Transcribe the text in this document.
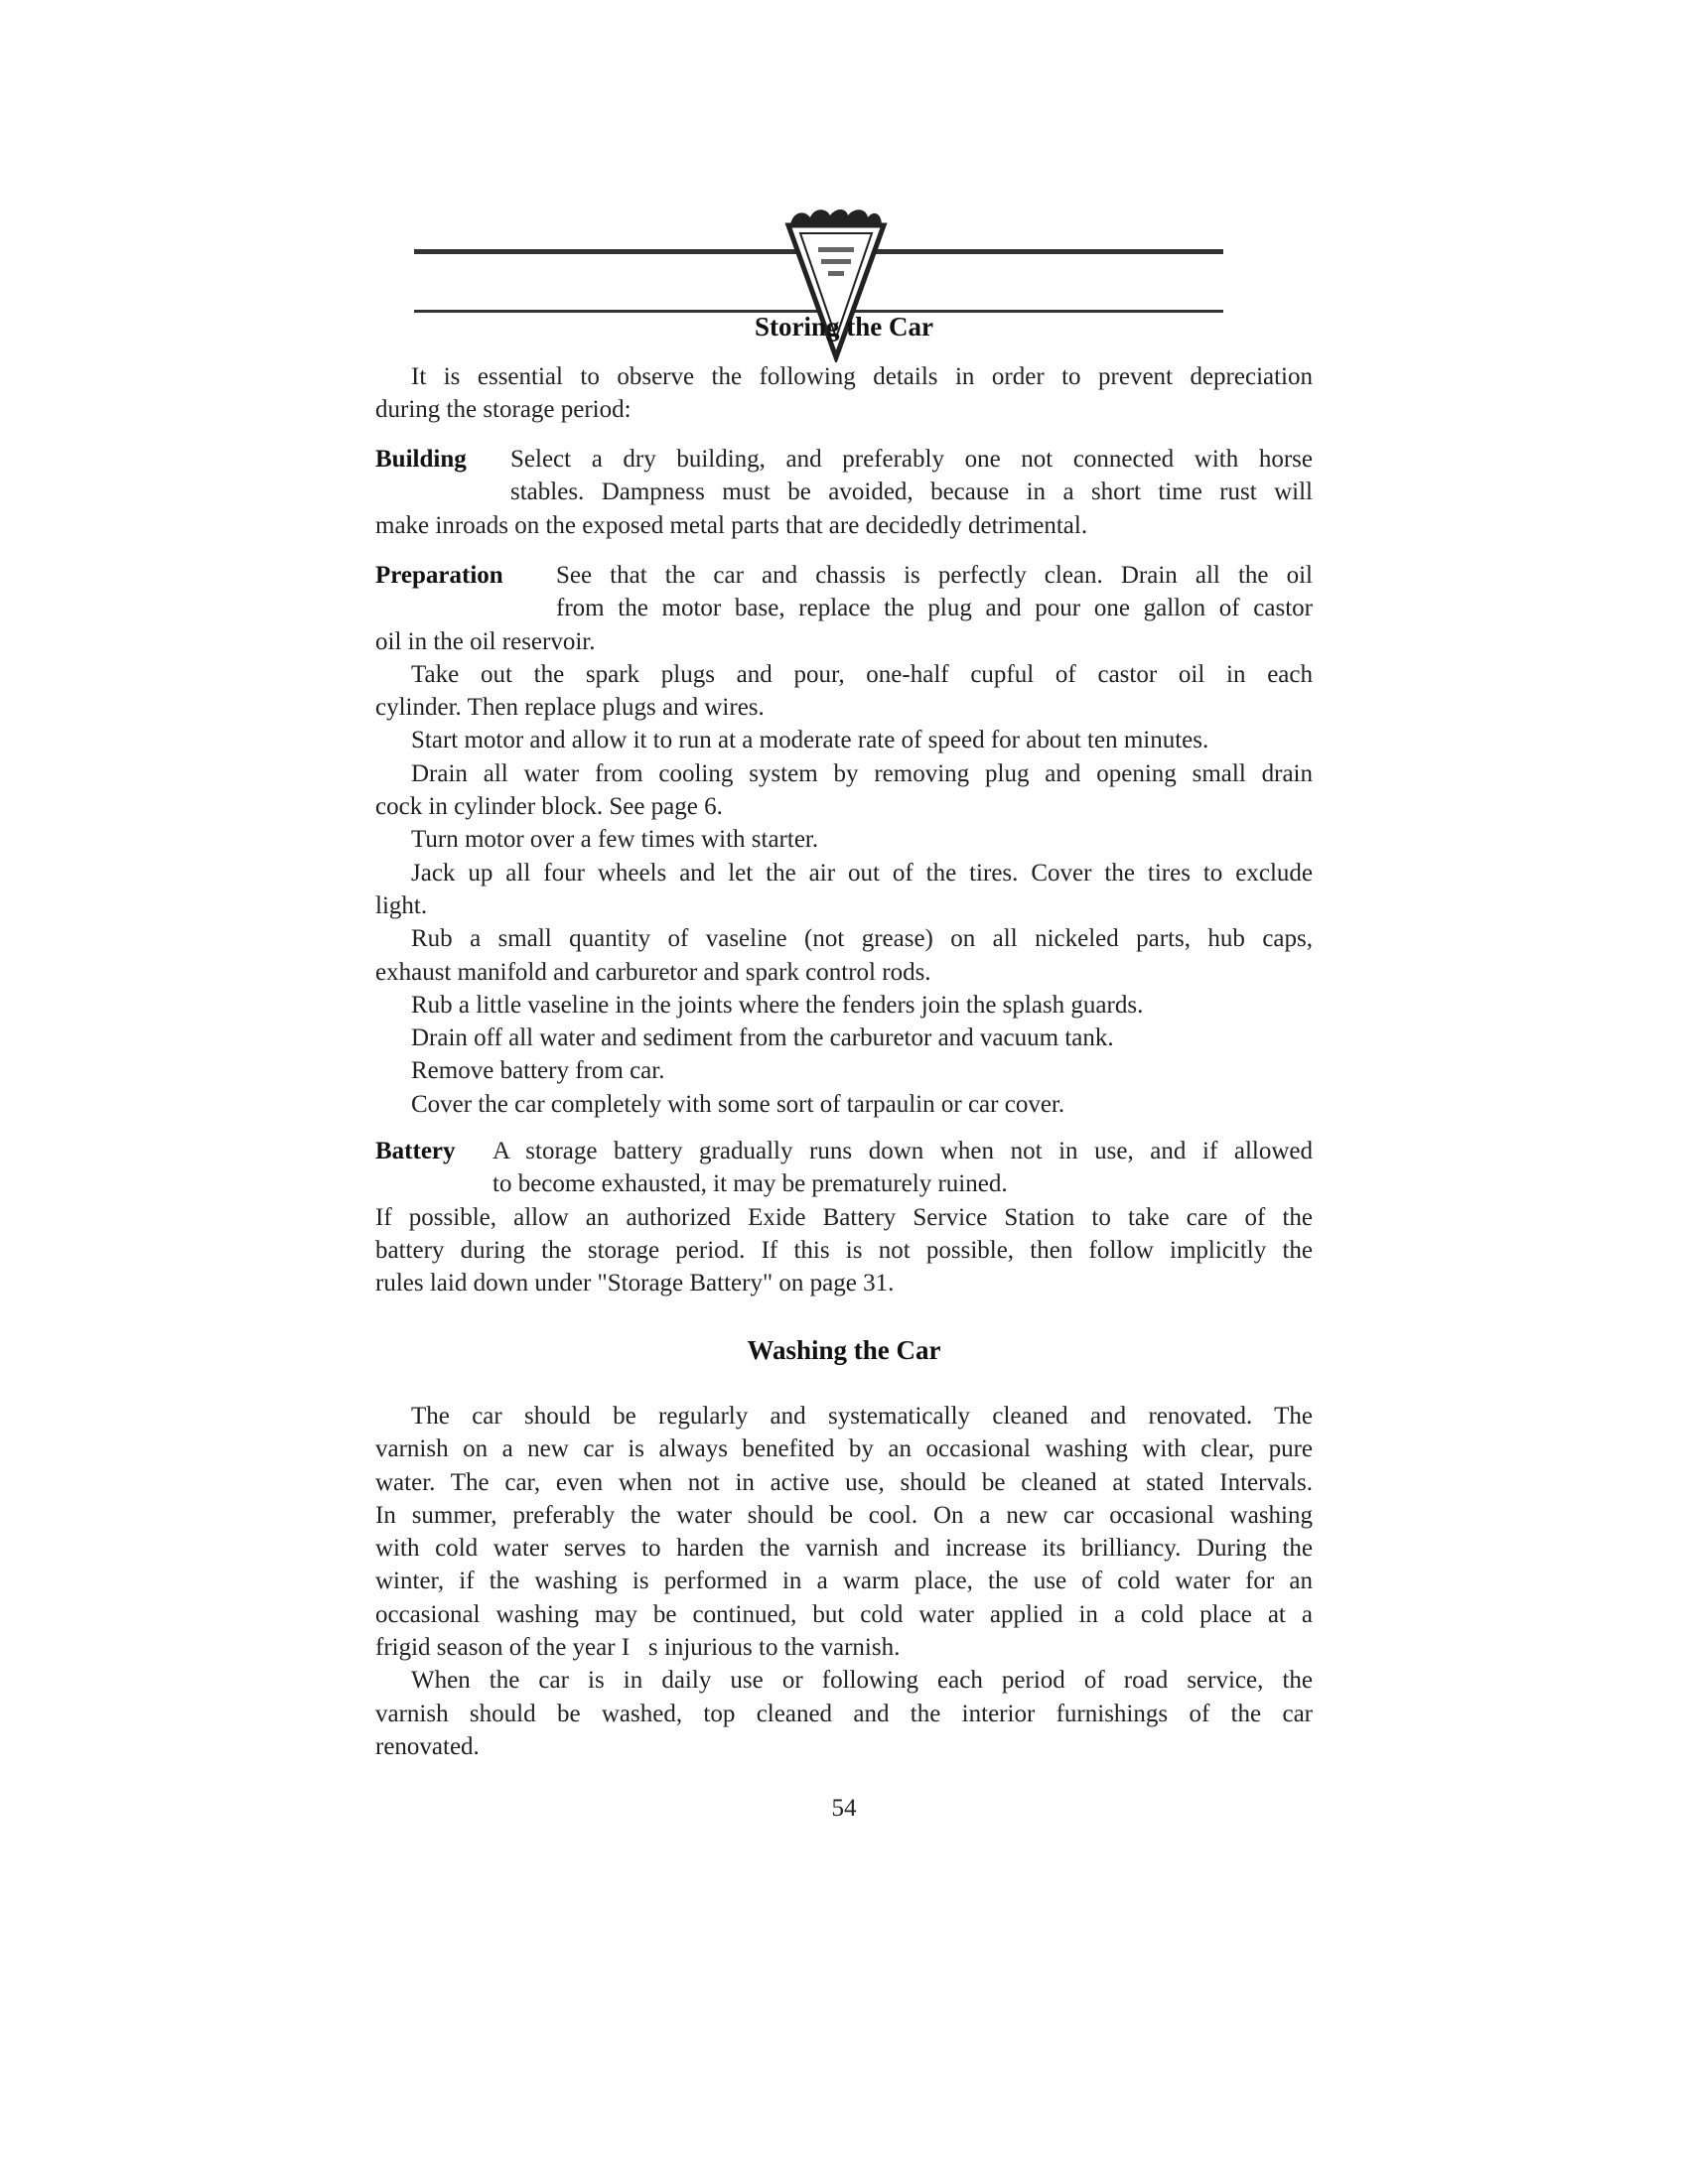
Storing the Car
It is essential to observe the following details in order to prevent depreciation
during the storage period:
Building Select a dry building, and preferably one not connected with horse
stables. Dampness must be avoided, because in a short time rust will
make inroads on the exposed metal parts that are decidedly detrimental.
Preparation See that the car and chassis is perfectly clean. Drain all the oil
from the motor base, replace the plug and pour one gallon of castor
oil in the oil reservoir.
Take out the spark plugs and pour, one-half cupful of castor oil in each
cylinder. Then replace plugs and wires.
Start motor and allow it to run at a moderate rate of speed for about ten minutes.
Drain all water from cooling system by removing plug and opening small drain
cock in cylinder block. See page 6.
Turn motor over a few times with starter.
Jack up all four wheels and let the air out of the tires. Cover the tires to exclude
light.
Rub a small quantity of vaseline (not grease) on all nickeled parts, hub caps,
exhaust manifold and carburetor and spark control rods.
Rub a little vaseline in the joints where the fenders join the splash guards.
Drain off all water and sediment from the carburetor and vacuum tank.
Remove battery from car.
Cover the car completely with some sort of tarpaulin or car cover.
Battery A storage battery gradually runs down when not in use, and if allowed
to become exhausted, it may be prematurely ruined.
If possible, allow an authorized Exide Battery Service Station to take care of the
battery during the storage period. If this is not possible, then follow implicitly the
rules laid down under "Storage Battery" on page 31.
Washing the Car
The car should be regularly and systematically cleaned and renovated. The
varnish on a new car is always benefited by an occasional washing with clear, pure
water. The car, even when not in active use, should be cleaned at stated Intervals.
In summer, preferably the water should be cool. On a new car occasional washing
with cold water serves to harden the varnish and increase its brilliancy. During the
winter, if the washing is performed in a warm place, the use of cold water for an
occasional washing may be continued, but cold water applied in a cold place at a
frigid season of the year I   s injurious to the varnish.
When the car is in daily use or following each period of road service, the
varnish should be washed, top cleaned and the interior furnishings of the car
renovated.
54
